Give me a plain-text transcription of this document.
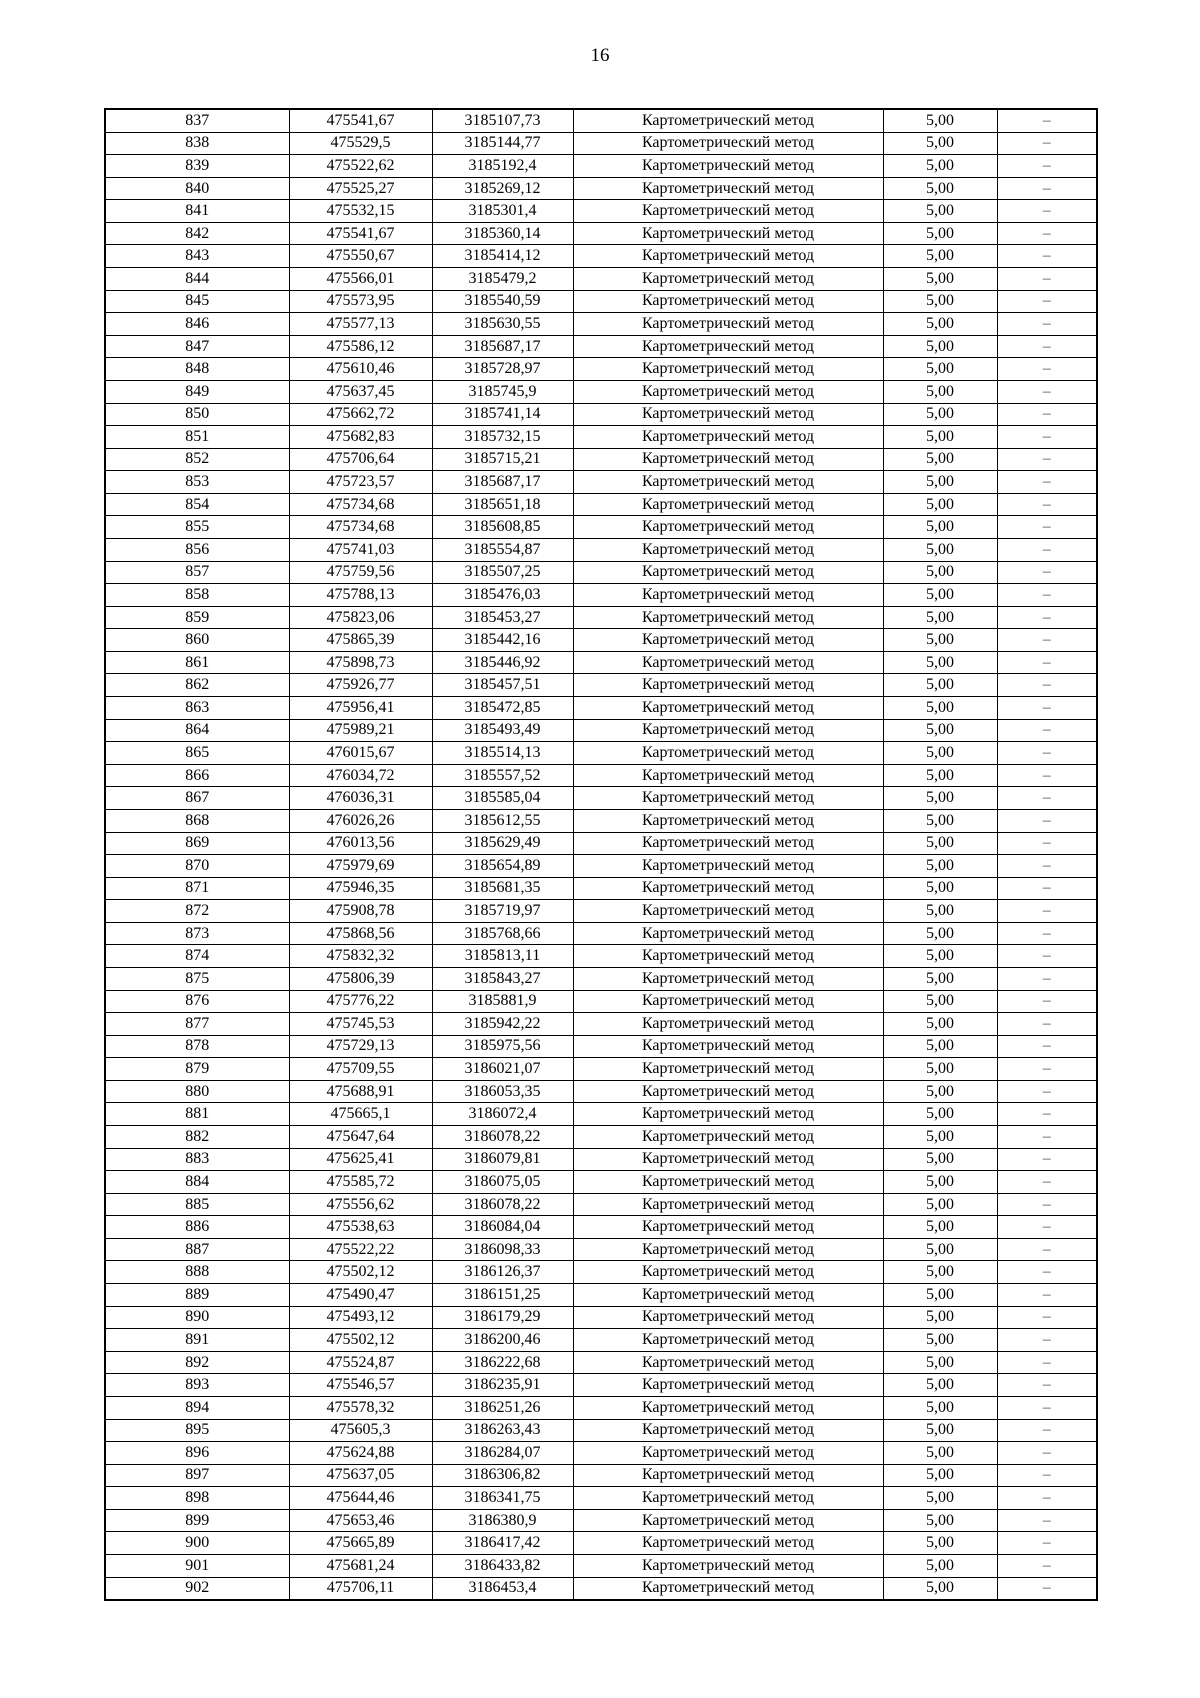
16
837	475541,67	3185107,73	Картометрический метод	5,00	–
838	475529,5	3185144,77	Картометрический метод	5,00	–
839	475522,62	3185192,4	Картометрический метод	5,00	–
840	475525,27	3185269,12	Картометрический метод	5,00	–
841	475532,15	3185301,4	Картометрический метод	5,00	–
842	475541,67	3185360,14	Картометрический метод	5,00	–
843	475550,67	3185414,12	Картометрический метод	5,00	–
844	475566,01	3185479,2	Картометрический метод	5,00	–
845	475573,95	3185540,59	Картометрический метод	5,00	–
846	475577,13	3185630,55	Картометрический метод	5,00	–
847	475586,12	3185687,17	Картометрический метод	5,00	–
848	475610,46	3185728,97	Картометрический метод	5,00	–
849	475637,45	3185745,9	Картометрический метод	5,00	–
850	475662,72	3185741,14	Картометрический метод	5,00	–
851	475682,83	3185732,15	Картометрический метод	5,00	–
852	475706,64	3185715,21	Картометрический метод	5,00	–
853	475723,57	3185687,17	Картометрический метод	5,00	–
854	475734,68	3185651,18	Картометрический метод	5,00	–
855	475734,68	3185608,85	Картометрический метод	5,00	–
856	475741,03	3185554,87	Картометрический метод	5,00	–
857	475759,56	3185507,25	Картометрический метод	5,00	–
858	475788,13	3185476,03	Картометрический метод	5,00	–
859	475823,06	3185453,27	Картометрический метод	5,00	–
860	475865,39	3185442,16	Картометрический метод	5,00	–
861	475898,73	3185446,92	Картометрический метод	5,00	–
862	475926,77	3185457,51	Картометрический метод	5,00	–
863	475956,41	3185472,85	Картометрический метод	5,00	–
864	475989,21	3185493,49	Картометрический метод	5,00	–
865	476015,67	3185514,13	Картометрический метод	5,00	–
866	476034,72	3185557,52	Картометрический метод	5,00	–
867	476036,31	3185585,04	Картометрический метод	5,00	–
868	476026,26	3185612,55	Картометрический метод	5,00	–
869	476013,56	3185629,49	Картометрический метод	5,00	–
870	475979,69	3185654,89	Картометрический метод	5,00	–
871	475946,35	3185681,35	Картометрический метод	5,00	–
872	475908,78	3185719,97	Картометрический метод	5,00	–
873	475868,56	3185768,66	Картометрический метод	5,00	–
874	475832,32	3185813,11	Картометрический метод	5,00	–
875	475806,39	3185843,27	Картометрический метод	5,00	–
876	475776,22	3185881,9	Картометрический метод	5,00	–
877	475745,53	3185942,22	Картометрический метод	5,00	–
878	475729,13	3185975,56	Картометрический метод	5,00	–
879	475709,55	3186021,07	Картометрический метод	5,00	–
880	475688,91	3186053,35	Картометрический метод	5,00	–
881	475665,1	3186072,4	Картометрический метод	5,00	–
882	475647,64	3186078,22	Картометрический метод	5,00	–
883	475625,41	3186079,81	Картометрический метод	5,00	–
884	475585,72	3186075,05	Картометрический метод	5,00	–
885	475556,62	3186078,22	Картометрический метод	5,00	–
886	475538,63	3186084,04	Картометрический метод	5,00	–
887	475522,22	3186098,33	Картометрический метод	5,00	–
888	475502,12	3186126,37	Картометрический метод	5,00	–
889	475490,47	3186151,25	Картометрический метод	5,00	–
890	475493,12	3186179,29	Картометрический метод	5,00	–
891	475502,12	3186200,46	Картометрический метод	5,00	–
892	475524,87	3186222,68	Картометрический метод	5,00	–
893	475546,57	3186235,91	Картометрический метод	5,00	–
894	475578,32	3186251,26	Картометрический метод	5,00	–
895	475605,3	3186263,43	Картометрический метод	5,00	–
896	475624,88	3186284,07	Картометрический метод	5,00	–
897	475637,05	3186306,82	Картометрический метод	5,00	–
898	475644,46	3186341,75	Картометрический метод	5,00	–
899	475653,46	3186380,9	Картометрический метод	5,00	–
900	475665,89	3186417,42	Картометрический метод	5,00	–
901	475681,24	3186433,82	Картометрический метод	5,00	–
902	475706,11	3186453,4	Картометрический метод	5,00	–
